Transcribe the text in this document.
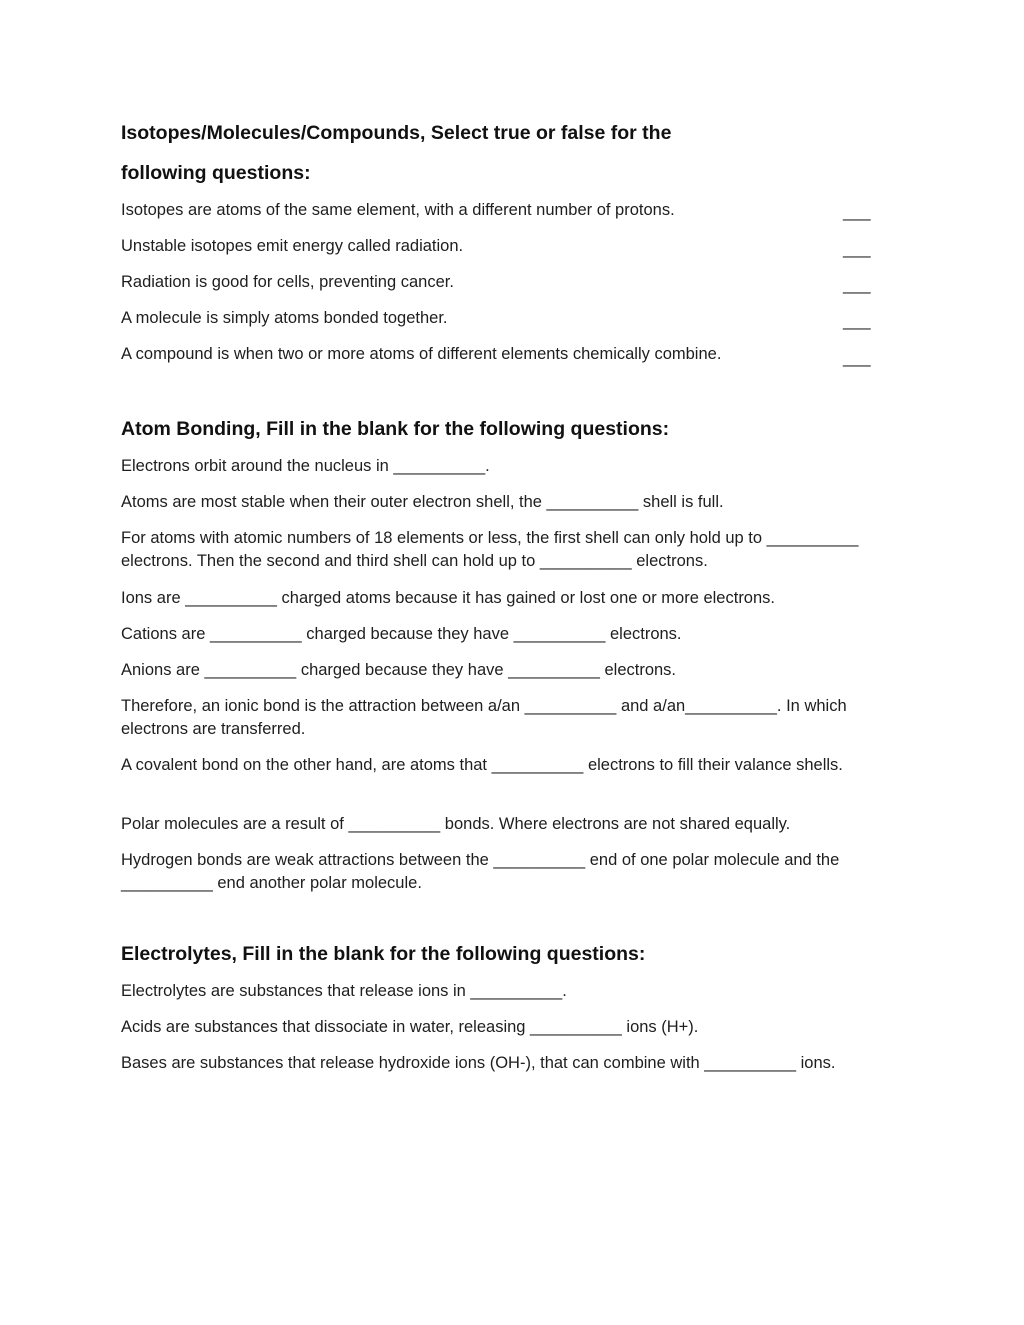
Isotopes/Molecules/Compounds, Select true or false for the
following questions:
Isotopes are atoms of the same element, with a different number of protons.	___
Unstable isotopes emit energy called radiation.	___
Radiation is good for cells, preventing cancer.	___
A molecule is simply atoms bonded together.	___
A compound is when two or more atoms of different elements chemically combine.	___
Atom Bonding, Fill in the blank for the following questions:
Electrons orbit around the nucleus in __________.
Atoms are most stable when their outer electron shell, the __________ shell is full.
For atoms with atomic numbers of 18 elements or less, the first shell can only hold up to __________ electrons. Then the second and third shell can hold up to __________ electrons.
Ions are __________ charged atoms because it has gained or lost one or more electrons.
Cations are __________ charged because they have __________ electrons.
Anions are __________ charged because they have __________ electrons.
Therefore, an ionic bond is the attraction between a/an __________ and a/an__________. In which electrons are transferred.
A covalent bond on the other hand, are atoms that __________ electrons to fill their valance shells.
Polar molecules are a result of __________ bonds. Where electrons are not shared equally.
Hydrogen bonds are weak attractions between the __________ end of one polar molecule and the __________ end another polar molecule.
Electrolytes, Fill in the blank for the following questions:
Electrolytes are substances that release ions in __________.
Acids are substances that dissociate in water, releasing __________ ions (H+).
Bases are substances that release hydroxide ions (OH-), that can combine with __________ ions.
